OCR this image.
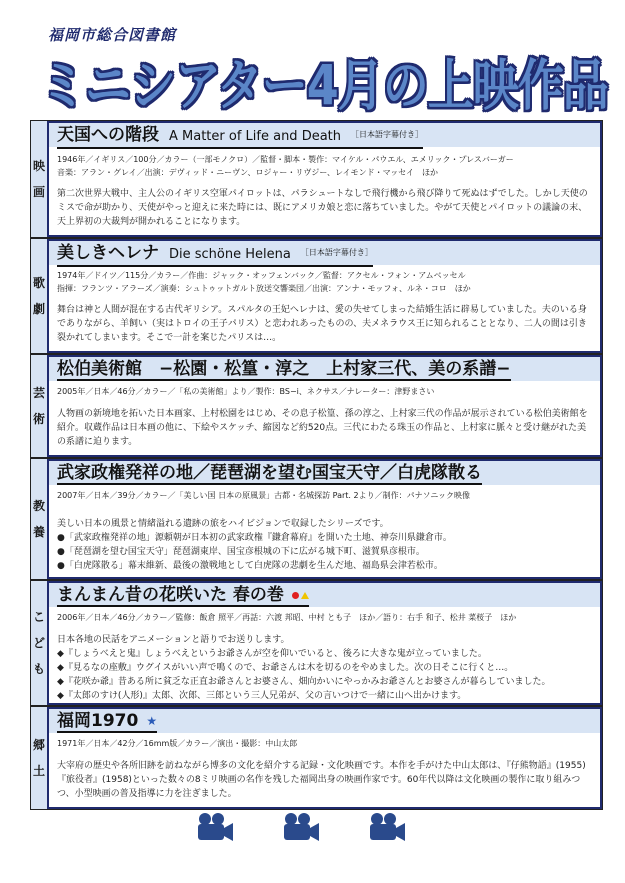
福岡市総合図書館
ミニシアター4月の上映作品
映
画
天国への階段 A Matter of Life and Death ［日本語字幕付き］
1946年／イギリス／100分／カラー（一部モノクロ）／監督・脚本・製作：マイケル・パウエル、エメリック・プレスバーガー
音楽：アラン・グレイ／出演：デヴィッド・ニーヴン、ロジャー・リヴジー、レイモンド・マッセイ　ほか

第二次世界大戦中、主人公のイギリス空軍パイロットは、パラシュートなしで飛行機から飛び降りて死ぬはずでした。しかし天使のミスで命が助かり、天使がやっと迎えに来た時には、既にアメリカ娘と恋に落ちていました。やがて天使とパイロットの議論の末、天上界初の大裁判が開かれることになります。

歌
劇
美しきヘレナ Die schöne Helena ［日本語字幕付き］
1974年／ドイツ／115分／カラー／作曲：ジャック・オッフェンバック／監督：アクセル・フォン・アムベッセル
指揮：フランツ・アラーズ／演奏：シュトゥットガルト放送交響楽団／出演：アンナ・モッフォ、ルネ・コロ　ほか

舞台は神と人間が混在する古代ギリシア。スパルタの王妃ヘレナは、愛の失せてしまった結婚生活に辟易していました。夫のいる身でありながら、羊飼い（実はトロイの王子パリス）と恋われあったものの、夫メネラウス王に知られることとなり、二人の間は引き裂かれてしまいます。そこで一計を案じたパリスは…。

芸
術
松伯美術館　−松園・松篁・淳之　上村家三代、美の系譜−
2005年／日本／46分／カラー／「私の美術館」より／製作：BS−i、ネクサス／ナレーター：津野まさい

人物画の新境地を拓いた日本画家、上村松園をはじめ、その息子松篁、孫の淳之、上村家三代の作品が展示されている松伯美術館を紹介。収蔵作品は日本画の他に、下絵やスケッチ、縮図など約520点。三代にわたる珠玉の作品と、上村家に脈々と受け継がれた美の系譜に迫ります。

教
養
武家政権発祥の地／琵琶湖を望む国宝天守／白虎隊散る
2007年／日本／39分／カラー／「美しい国 日本の原風景」古都・名城探訪 Part. 2より／制作：パナソニック映像

美しい日本の風景と情緒溢れる遺跡の旅をハイビジョンで収録したシリーズです。

●「武家政権発祥の地」源頼朝が日本初の武家政権『鎌倉幕府』を開いた土地、神奈川県鎌倉市。

●「琵琶湖を望む国宝天守」琵琶湖東岸、国宝彦根城の下に広がる城下町、滋賀県彦根市。

●「白虎隊散る」幕末維新、最後の激戦地として白虎隊の悲劇を生んだ地、福島県会津若松市。

こ
ど
も
まんまん昔の花咲いた 春の巻
2006年／日本／46分／カラー／監修：飯倉 照平／再話：六渡 邦昭、中村 とも子　ほか／語り：右手 和子、松井 菜桜子　ほか

日本各地の民話をアニメーションと語りでお送りします。

◆『しょうべえと鬼』しょうべえというお爺さんが空を仰いでいると、後ろに大きな鬼が立っていました。

◆『見るなの座敷』ウグイスがいい声で鳴くので、お爺さんは木を切るのをやめました。次の日そこに行くと…。

◆『花咲か爺』昔ある所に貧乏な正直お爺さんとお婆さん、畑向かいにやっかみお爺さんとお婆さんが暮らしていました。

◆『太郎のすけ(人形)』太郎、次郎、三郎という三人兄弟が、父の言いつけで一緒に山へ出かけます。

郷
土
福岡1970 ★
1971年／日本／42分／16mm版／カラー／演出・撮影：中山太郎

大宰府の歴史や各所旧跡を訪ねながら博多の文化を紹介する記録・文化映画です。本作を手がけた中山太郎は、『仔熊物語』(1955)『旅役者』(1958)といった数々の8ミリ映画の名作を残した福岡出身の映画作家です。60年代以降は文化映画の製作に取り組みつつ、小型映画の普及指導に力を注ぎました。
